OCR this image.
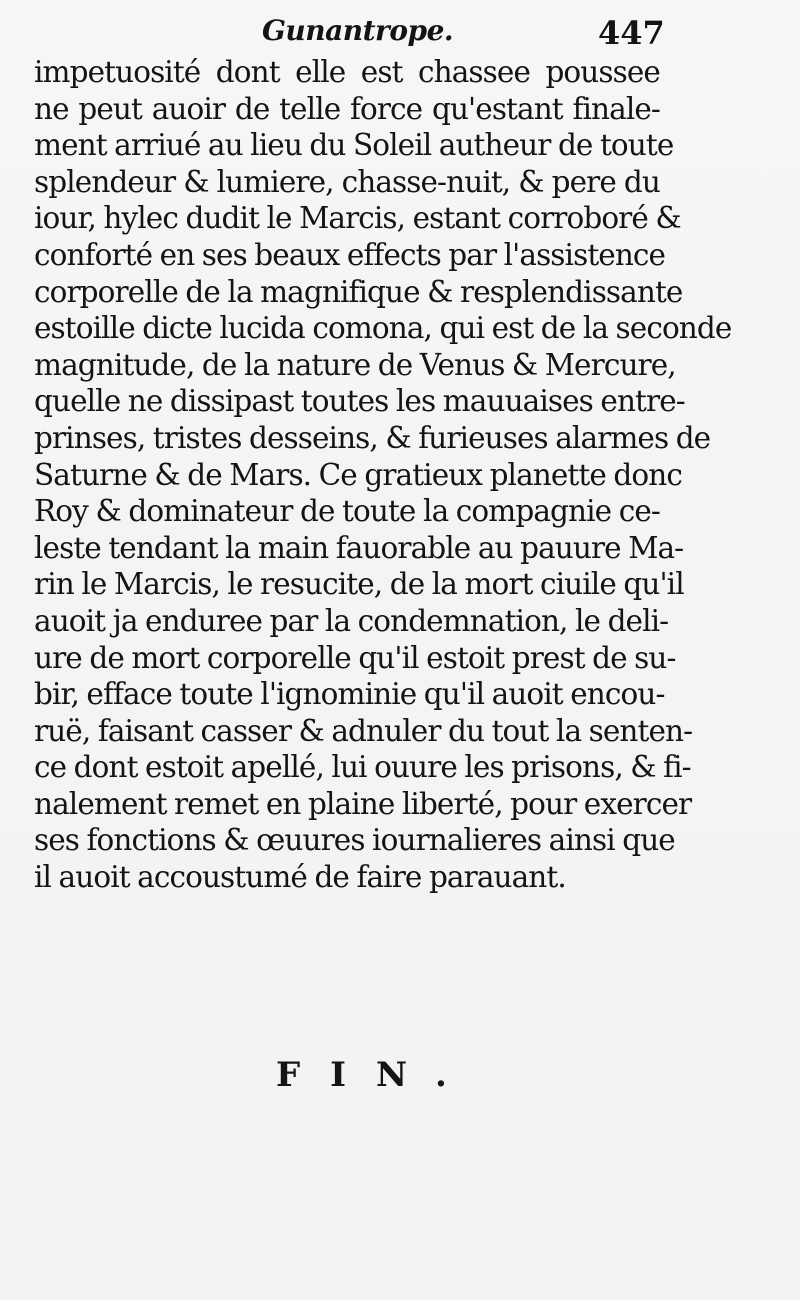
Gunantrope.	447
impetuosité dont elle est chassee poussee
ne peut auoir de telle force qu'estant finale-
ment arriué au lieu du Soleil autheur de toute
splendeur & lumiere, chasse-nuit, & pere du
iour, hylec dudit le Marcis, estant corroboré &
conforté en ses beaux effects par l'assistence
corporelle de la magnifique & resplendissante
estoille dicte lucida comona, qui est de la seconde
magnitude, de la nature de Venus & Mercure,
quelle ne dissipast toutes les mauuaises entre-
prinses, tristes desseins, & furieuses alarmes de
Saturne & de Mars. Ce gratieux planette donc
Roy & dominateur de toute la compagnie ce-
leste tendant la main fauorable au pauure Ma-
rin le Marcis, le resucite, de la mort ciuile qu'il
auoit ja enduree par la condemnation, le deli-
ure de mort corporelle qu'il estoit prest de su-
bir, efface toute l'ignominie qu'il auoit encou-
ruë, faisant casser & adnuler du tout la senten-
ce dont estoit apellé, lui ouure les prisons, & fi-
nalement remet en plaine liberté, pour exercer
ses fonctions & œuures iournalieres ainsi que
il auoit accoustumé de faire parauant.
FIN.
